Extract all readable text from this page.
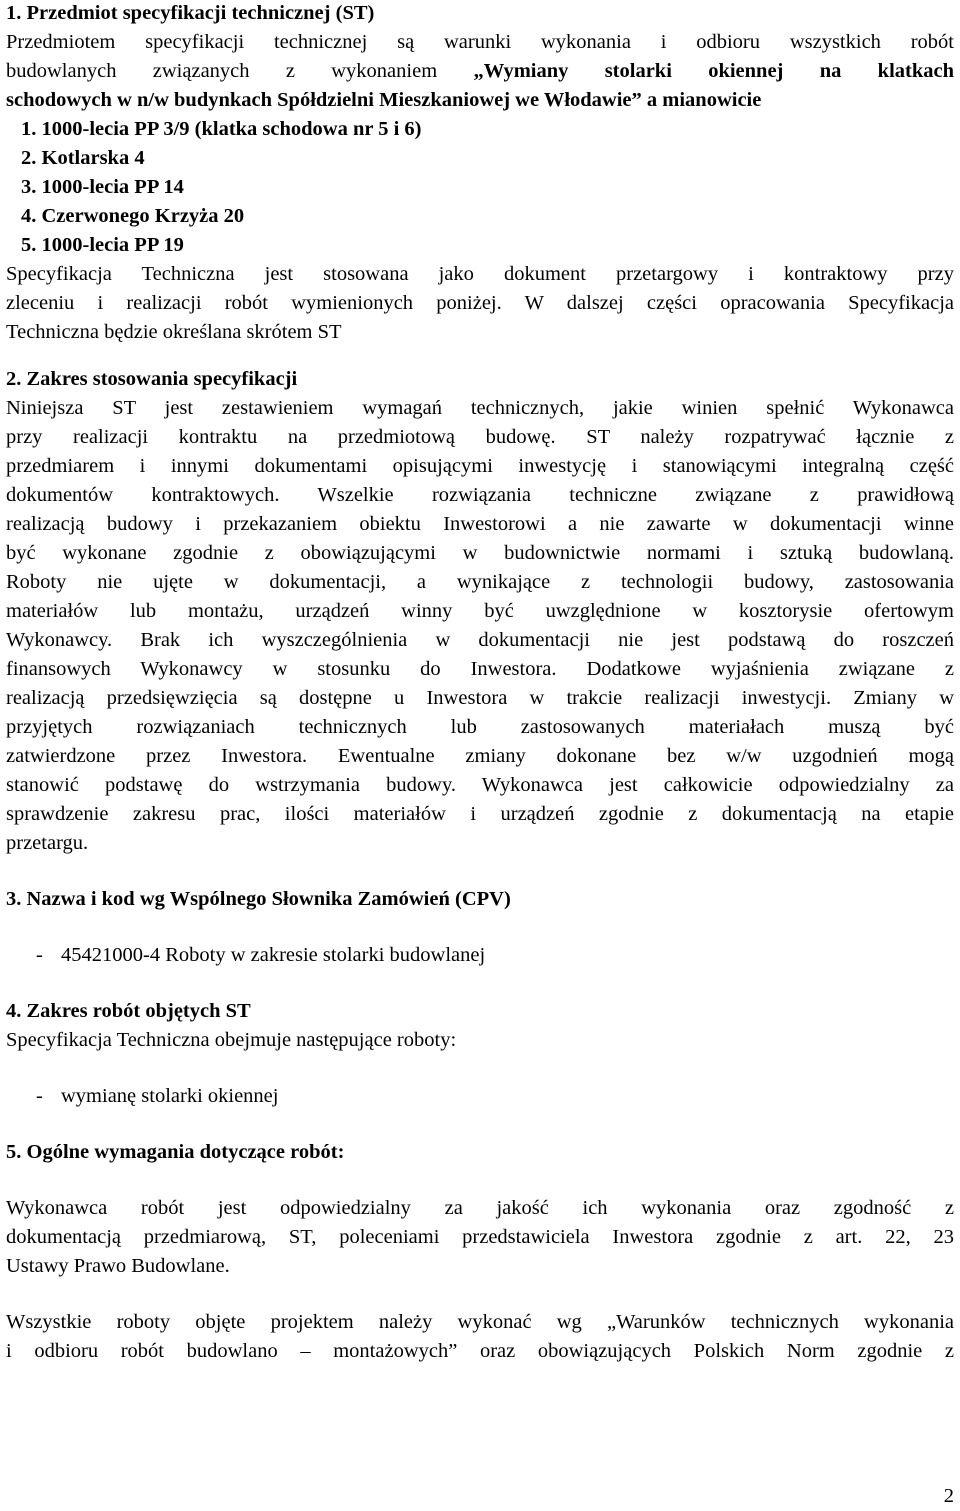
1. Przedmiot specyfikacji technicznej (ST)
Przedmiotem specyfikacji technicznej są warunki wykonania i odbioru wszystkich robót
budowlanych związanych z wykonaniem „Wymiany stolarki okiennej na klatkach
schodowych w n/w budynkach Spółdzielni Mieszkaniowej we Włodawie” a mianowicie
1. 1000-lecia PP 3/9 (klatka schodowa nr 5 i 6)
2. Kotlarska 4
3. 1000-lecia PP 14
4. Czerwonego Krzyża 20
5. 1000-lecia PP 19
Specyfikacja Techniczna jest stosowana jako dokument przetargowy i kontraktowy przy
zleceniu i realizacji robót wymienionych poniżej. W dalszej części opracowania Specyfikacja
Techniczna będzie określana skrótem ST
2. Zakres stosowania specyfikacji
Niniejsza ST jest zestawieniem wymagań technicznych, jakie winien spełnić Wykonawca
przy realizacji kontraktu na przedmiotową budowę. ST należy rozpatrywać łącznie z
przedmiarem i innymi dokumentami opisującymi inwestycję i stanowiącymi integralną część
dokumentów kontraktowych. Wszelkie rozwiązania techniczne związane z prawidłową
realizacją budowy i przekazaniem obiektu Inwestorowi a nie zawarte w dokumentacji winne
być wykonane zgodnie z obowiązującymi w budownictwie normami i sztuką budowlaną.
Roboty nie ujęte w dokumentacji, a wynikające z technologii budowy, zastosowania
materiałów lub montażu, urządzeń winny być uwzględnione w kosztorysie ofertowym
Wykonawcy. Brak ich wyszczególnienia w dokumentacji nie jest podstawą do roszczeń
finansowych Wykonawcy w stosunku do Inwestora. Dodatkowe wyjaśnienia związane z
realizacją przedsięwzięcia są dostępne u Inwestora w trakcie realizacji inwestycji. Zmiany w
przyjętych rozwiązaniach technicznych lub zastosowanych materiałach muszą być
zatwierdzone przez Inwestora. Ewentualne zmiany dokonane bez w/w uzgodnień mogą
stanowić podstawę do wstrzymania budowy. Wykonawca jest całkowicie odpowiedzialny za
sprawdzenie zakresu prac, ilości materiałów i urządzeń zgodnie z dokumentacją na etapie
przetargu.
3. Nazwa i kod wg Wspólnego Słownika Zamówień (CPV)
- 45421000-4 Roboty w zakresie stolarki budowlanej
4. Zakres robót objętych ST
Specyfikacja Techniczna obejmuje następujące roboty:
- wymianę stolarki okiennej
5. Ogólne wymagania dotyczące robót:
Wykonawca robót jest odpowiedzialny za jakość ich wykonania oraz zgodność z
dokumentacją przedmiarową, ST, poleceniami przedstawiciela Inwestora zgodnie z art. 22, 23
Ustawy Prawo Budowlane.
Wszystkie roboty objęte projektem należy wykonać wg „Warunków technicznych wykonania
i odbioru robót budowlano – montażowych” oraz obowiązujących Polskich Norm zgodnie z
2
